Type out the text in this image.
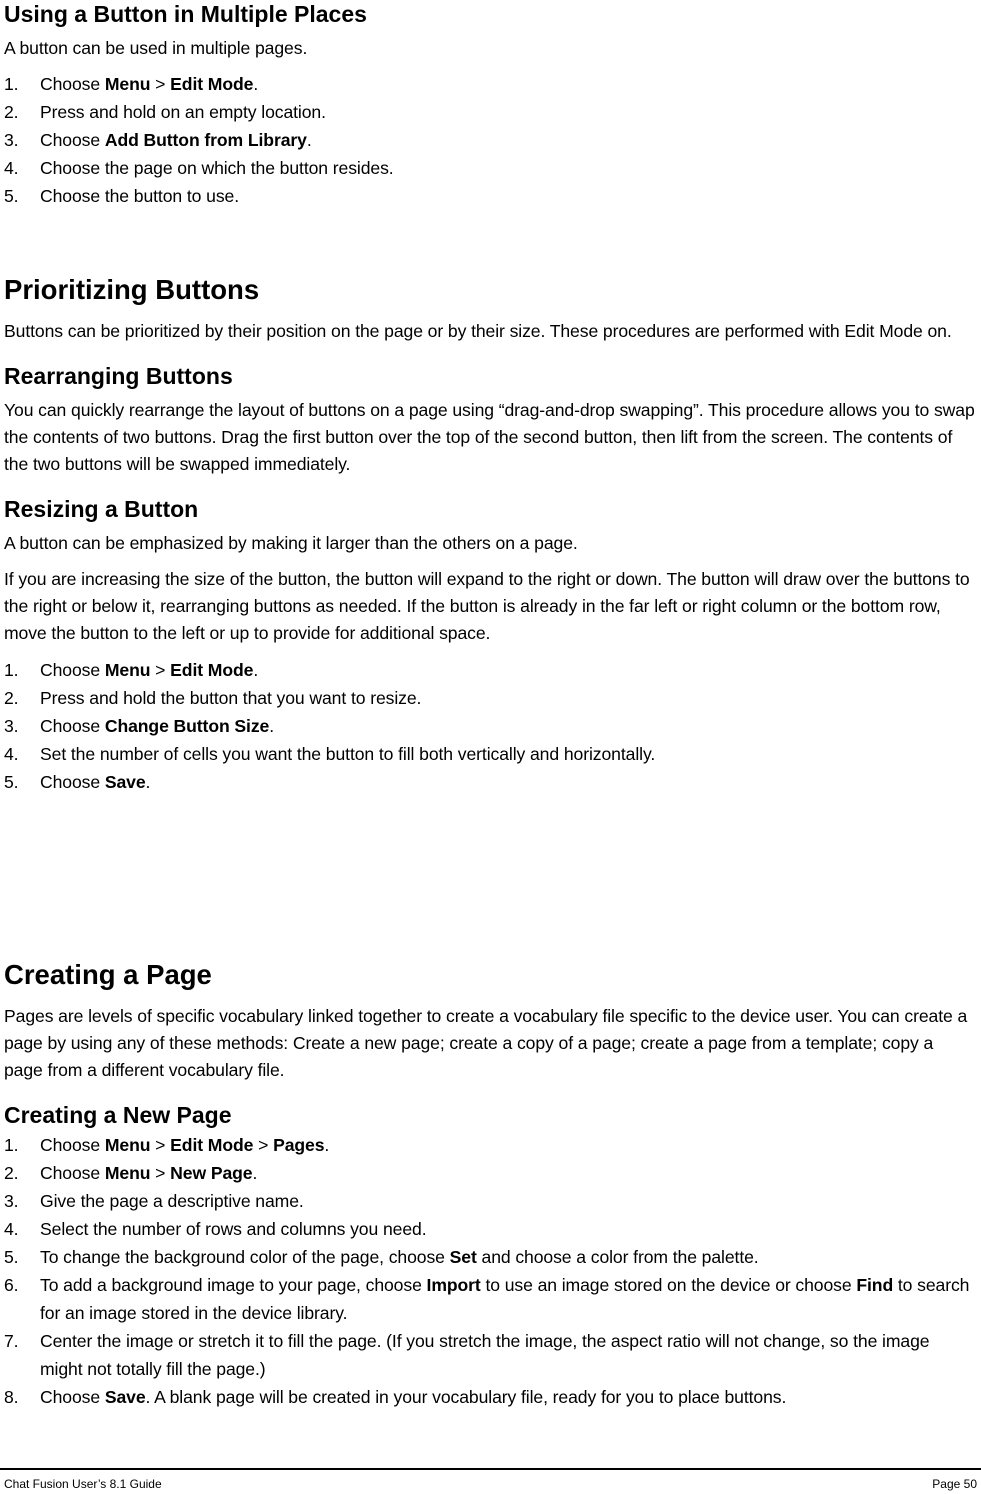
Using a Button in Multiple Places

A button can be used in multiple pages.

1. Choose Menu > Edit Mode.
2. Press and hold on an empty location.
3. Choose Add Button from Library.
4. Choose the page on which the button resides.
5. Choose the button to use.
Prioritizing Buttons

Buttons can be prioritized by their position on the page or by their size. These procedures are performed with Edit Mode on.

Rearranging Buttons

You can quickly rearrange the layout of buttons on a page using “drag-and-drop swapping”. This procedure allows you to swap the contents of two buttons. Drag the first button over the top of the second button, then lift from the screen. The contents of the two buttons will be swapped immediately.

Resizing a Button

A button can be emphasized by making it larger than the others on a page.

If you are increasing the size of the button, the button will expand to the right or down. The button will draw over the buttons to the right or below it, rearranging buttons as needed. If the button is already in the far left or right column or the bottom row, move the button to the left or up to provide for additional space.

1. Choose Menu > Edit Mode.
2. Press and hold the button that you want to resize.
3. Choose Change Button Size.
4. Set the number of cells you want the button to fill both vertically and horizontally.
5. Choose Save.
Creating a Page

Pages are levels of specific vocabulary linked together to create a vocabulary file specific to the device user. You can create a page by using any of these methods: Create a new page; create a copy of a page; create a page from a template; copy a page from a different vocabulary file.

Creating a New Page
1. Choose Menu > Edit Mode > Pages.
2. Choose Menu > New Page.
3. Give the page a descriptive name.
4. Select the number of rows and columns you need.
5. To change the background color of the page, choose Set and choose a color from the palette.
6. To add a background image to your page, choose Import to use an image stored on the device or choose Find to search for an image stored in the device library.
7. Center the image or stretch it to fill the page. (If you stretch the image, the aspect ratio will not change, so the image might not totally fill the page.)
8. Choose Save. A blank page will be created in your vocabulary file, ready for you to place buttons.
Chat Fusion User’s 8.1 Guide	Page 50
